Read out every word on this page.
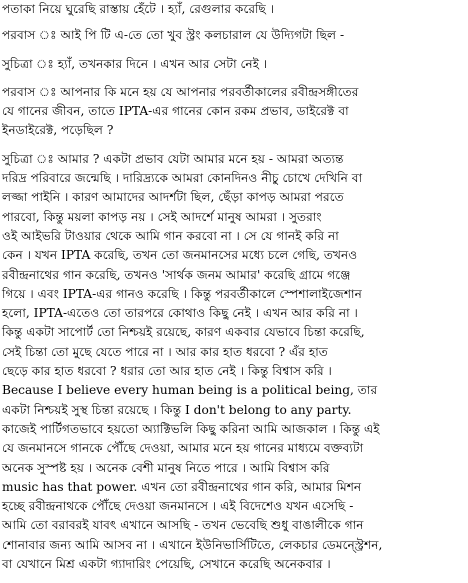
পতাকা নিয়ে ঘুরেছি রাস্তায় হেঁটে । হ্যাঁ, রেগুলার করেছি ।
পরবাস ঃ আই পি টি এ-তে তো খুব স্ট্রং কলচারাল যে উদ্যিগটা ছিল -
সুচিত্রা ঃ হ্যাঁ, তখনকার দিনে । এখন আর সেটা নেই ।
পরবাস ঃ আপনার কি মনে হয় যে আপনার পরবর্তীকালের রবীন্দ্রসঙ্গীতের
যে গানের জীবন, তাতে IPTA-এর গানের কোন রকম প্রভাব, ডাইরেক্ট বা
ইনডাইরেক্ট, পড়েছিল ?
সুচিত্রা ঃ আমার ? একটা প্রভাব যেটা আমার মনে হয় - আমরা অত্যন্ত
দরিদ্র পরিবারে জন্মেছি । দারিদ্র্যকে আমরা কোনদিনও নীচু চোখে দেখিনি বা
লজ্জা পাইনি । কারণ আমাদের আদর্শটা ছিল, ছেঁড়া কাপড় আমরা পরতে
পারবো, কিন্তু ময়লা কাপড় নয় । সেই আদর্শে মানুষ আমরা । সুতরাং
ওই আইভরি টাওয়ার থেকে আমি গান করবো না । সে যে গানই করি না
কেন । যখন IPTA করেছি, তখন তো জনমানসের মধ্যে চলে গেছি, তখনও
রবীন্দ্রনাথের গান করেছি, তখনও 'সার্থক জনম আমার' করেছি গ্রামে গঞ্জে
গিয়ে । এবং IPTA-এর গানও করেছি । কিন্তু পরবর্তীকালে স্পেশালাইজেশান
হলো, IPTA-এতেও তো তারপরে কোথাও কিছু নেই । এখন আর করি না ।
কিন্তু একটা সাপোর্ট তো নিশ্চয়ই রয়েছে, কারণ একবার যেভাবে চিন্তা করেছি,
সেই চিন্তা তো মুছে যেতে পারে না । আর কার হাত ধরবো ? এঁর হাত
ছেড়ে কার হাত ধরবো ? ধরার তো আর হাত নেই । কিন্তু বিশ্বাস করি ।
Because I believe every human being is a political being, তার
একটা নিশ্চয়ই সুস্থ চিন্তা রয়েছে । কিন্তু I don't belong to any party.
কাজেই পার্টিগতভাবে হয়তো অ্যাক্টিভলি কিছু করিনা আমি আজকাল । কিন্তু এই
যে জনমানসে গানকে পৌঁছে দেওয়া, আমার মনে হয় গানের মাধ্যমে বক্তব্যটা
অনেক সুস্পষ্ট হয় । অনেক বেশী মানুষ নিতে পারে । আমি বিশ্বাস করি
music has that power. এখন তো রবীন্দ্রনাথের গান করি, আমার মিশন
হচ্ছে রবীন্দ্রনাথকে পৌঁছে দেওয়া জনমানসে । এই বিদেশেও যখন এসেছি -
আমি তো বরাবরই যাবৎ এখানে আসছি - তখন ভেবেছি শুধু বাঙালীকে গান
শোনাবার জন্য আমি আসব না । এখানে ইউনিভার্সিটিতে, লেকচার ডেমন্স্ট্রেশন,
বা যেখানে মিশ্র একটা গ্যাদারিং পেয়েছি, সেখানে করেছি অনেকবার ।
